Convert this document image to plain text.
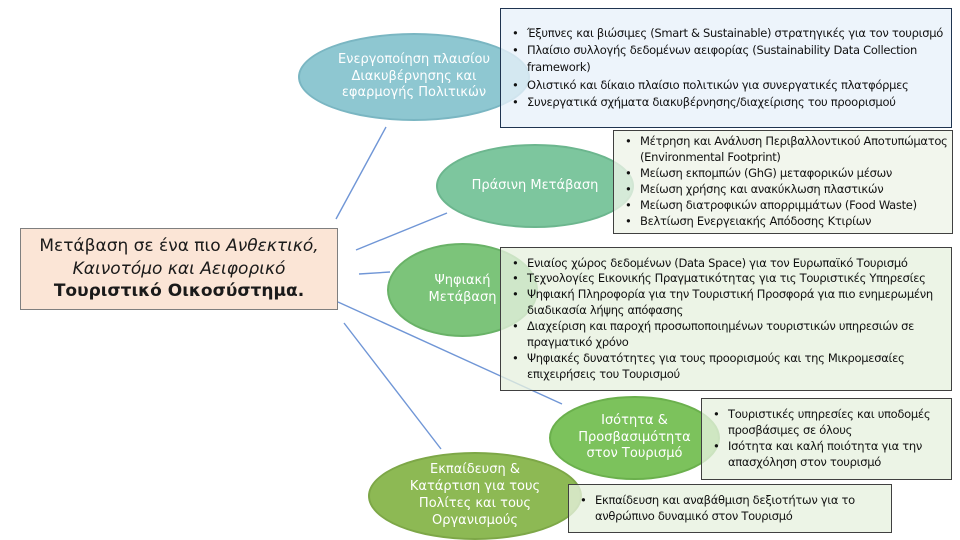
Μετάβαση σε ένα πιο Ανθεκτικό,
Καινοτόμο και Αειφορικό
Τουριστικό Οικοσύστημα.
Ενεργοποίηση πλαισίου Διακυβέρνησης και εφαρμογής Πολιτικών
Πράσινη Μετάβαση
Ψηφιακή Μετάβαση
Ισότητα & Προσβασιμότητα στον Τουρισμό
Εκπαίδευση & Κατάρτιση για τους Πολίτες και τους Οργανισμούς
• Έξυπνες και βιώσιμες (Smart & Sustainable) στρατηγικές για τον τουρισμό
• Πλαίσιο συλλογής δεδομένων αειφορίας (Sustainability Data Collection framework)
• Ολιστικό και δίκαιο πλαίσιο πολιτικών για συνεργατικές πλατφόρμες
• Συνεργατικά σχήματα διακυβέρνησης/διαχείρισης του προορισμού
• Μέτρηση και Ανάλυση Περιβαλλοντικού Αποτυπώματος (Environmental Footprint)
• Μείωση εκπομπών (GhG) μεταφορικών μέσων
• Μείωση χρήσης και ανακύκλωση πλαστικών
• Μείωση διατροφικών απορριμμάτων (Food Waste)
• Βελτίωση Ενεργειακής Απόδοσης Κτιρίων
• Ενιαίος χώρος δεδομένων (Data Space) για τον Ευρωπαϊκό Τουρισμό
• Τεχνολογίες Εικονικής Πραγματικότητας για τις Τουριστικές Υπηρεσίες
• Ψηφιακή Πληροφορία για την Τουριστική Προσφορά για πιο ενημερωμένη διαδικασία λήψης απόφασης
• Διαχείριση και παροχή προσωποποιημένων τουριστικών υπηρεσιών σε πραγματικό χρόνο
• Ψηφιακές δυνατότητες για τους προορισμούς και της Μικρομεσαίες επιχειρήσεις του Τουρισμού
• Τουριστικές υπηρεσίες και υποδομές προσβάσιμες σε όλους
• Ισότητα και καλή ποιότητα για την απασχόληση στον τουρισμό
• Εκπαίδευση και αναβάθμιση δεξιοτήτων για το ανθρώπινο δυναμικό στον Τουρισμό
